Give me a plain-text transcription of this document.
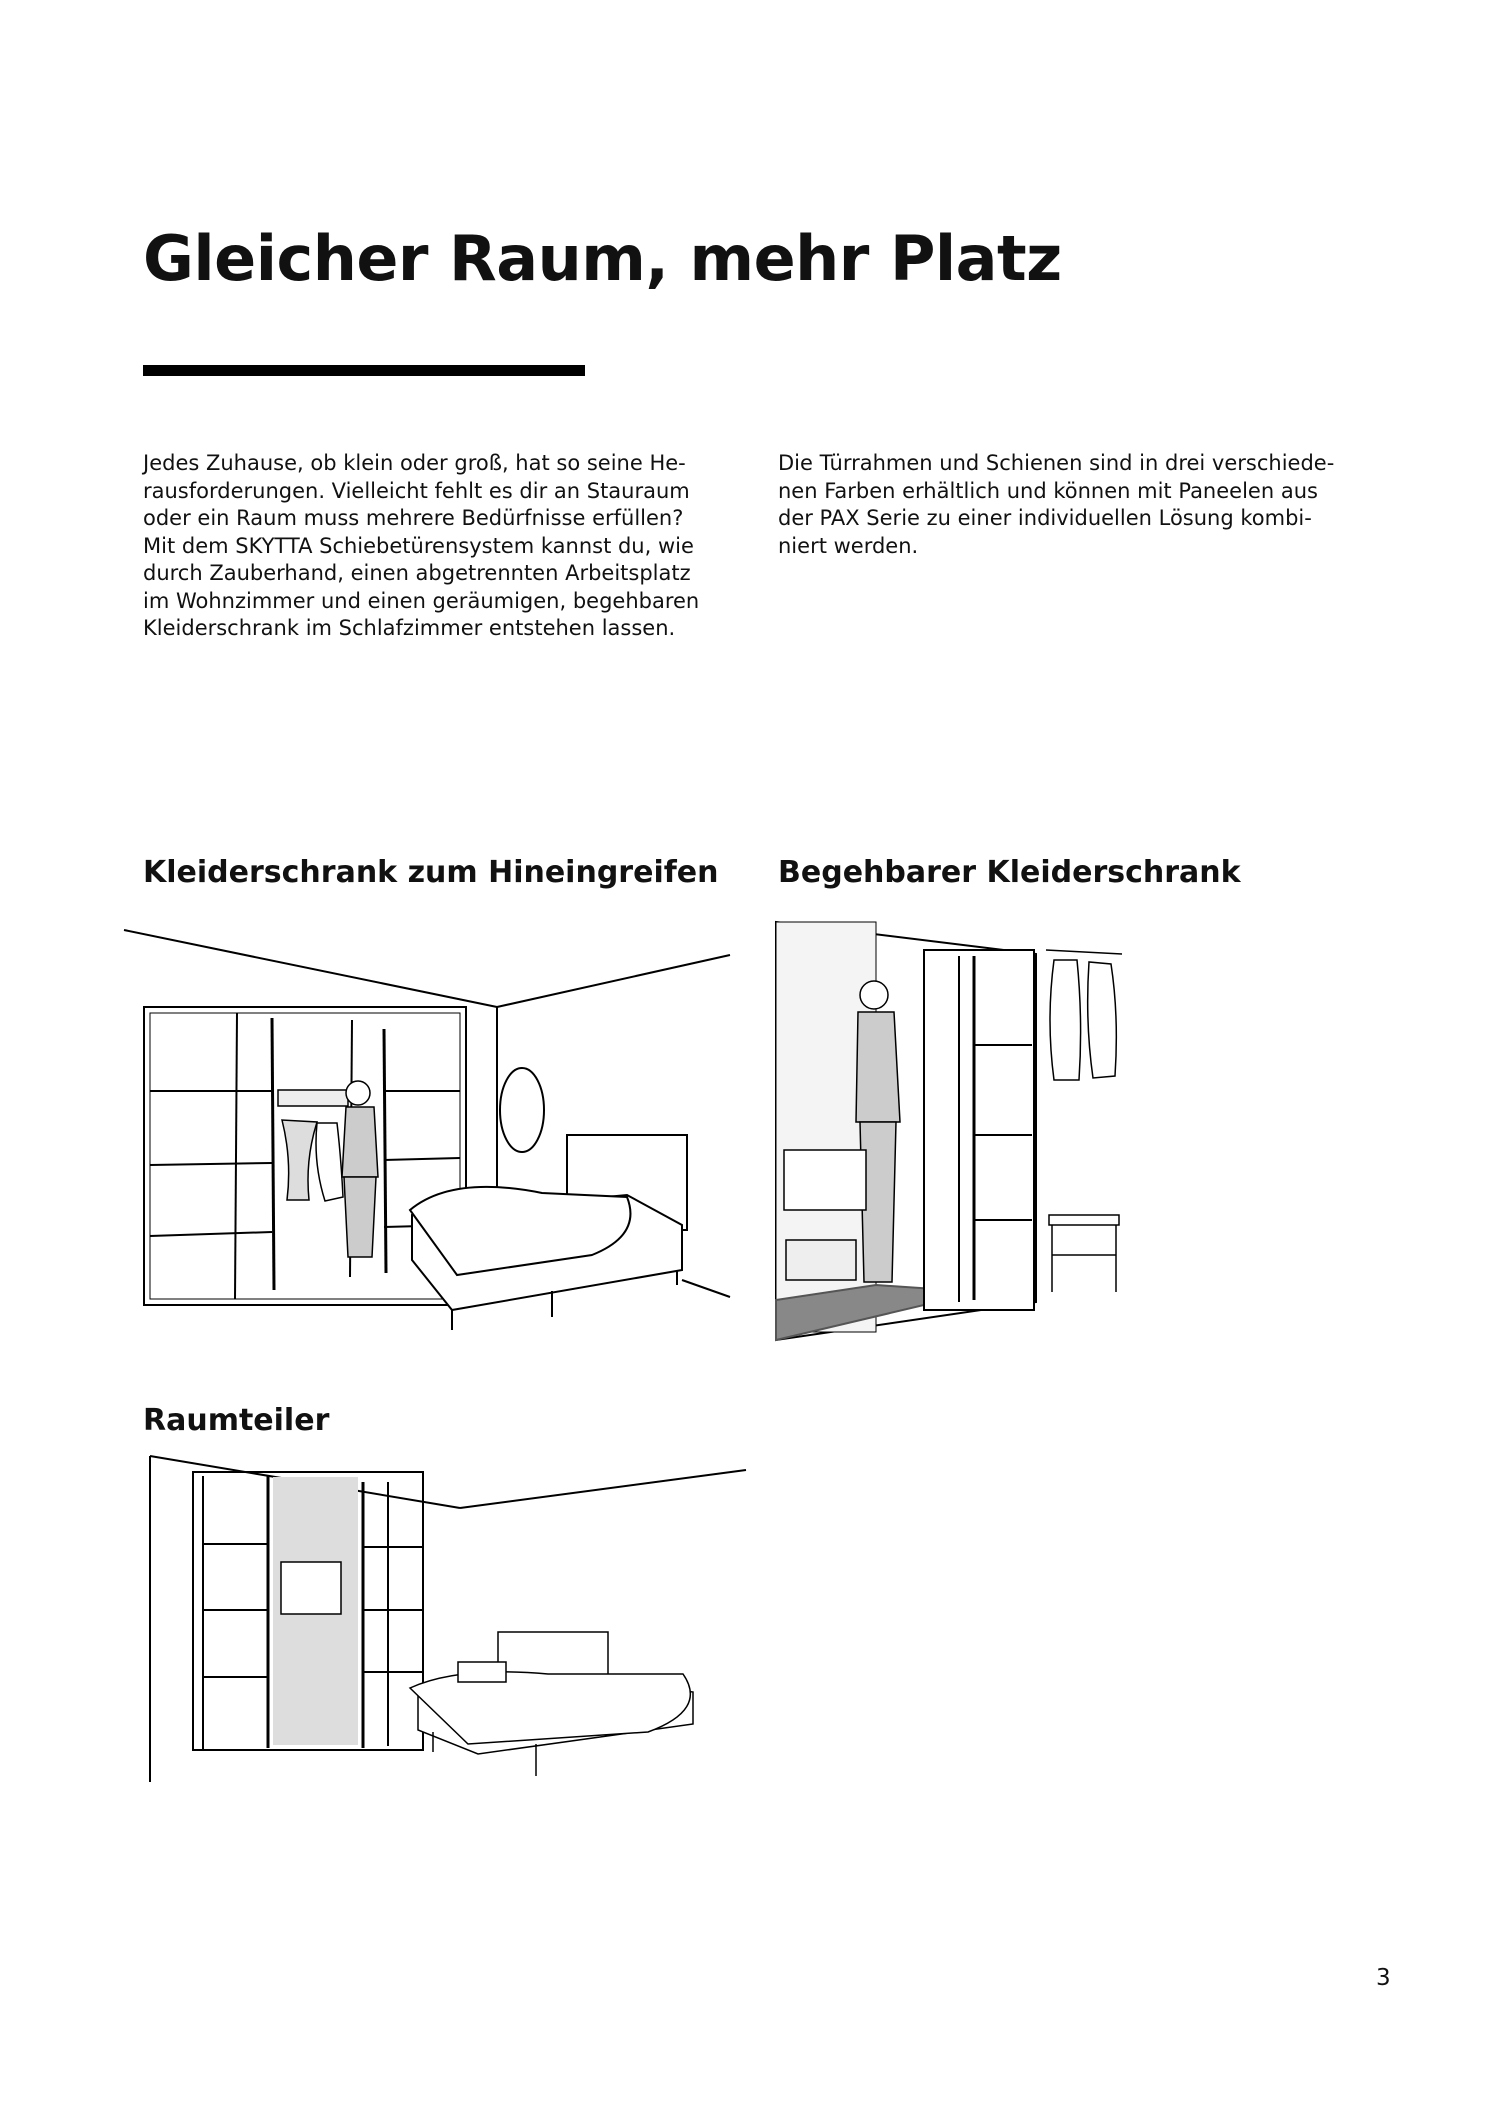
Gleicher Raum, mehr Platz

Jedes Zuhause, ob klein oder groß, hat so seine He-
rausforderungen. Vielleicht fehlt es dir an Stauraum
oder ein Raum muss mehrere Bedürfnisse erfüllen?
Mit dem SKYTTA Schiebetürensystem kannst du, wie
durch Zauberhand, einen abgetrennten Arbeitsplatz
im Wohnzimmer und einen geräumigen, begehbaren
Kleiderschrank im Schlafzimmer entstehen lassen.

Die Türrahmen und Schienen sind in drei verschiede-
nen Farben erhältlich und können mit Paneelen aus
der PAX Serie zu einer individuellen Lösung kombi-
niert werden.

Kleiderschrank zum Hineingreifen Begehbarer Kleiderschrank
Raumteiler
3
